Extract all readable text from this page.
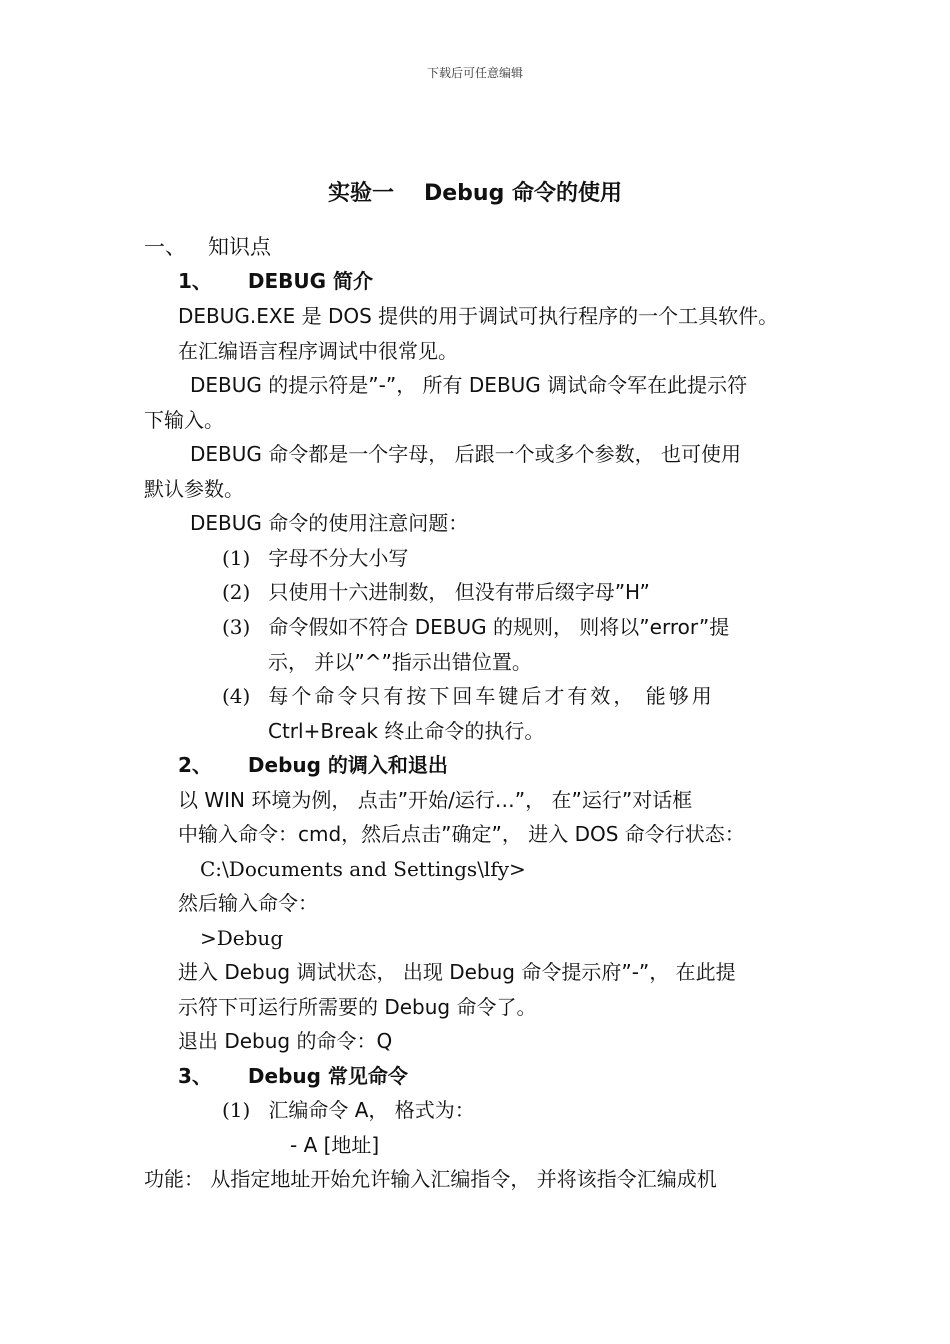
下载后可任意编辑
实验一 Debug 命令的使用
一、 知识点
1、 DEBUG 简介
DEBUG.EXE 是 DOS 提供的用于调试可执行程序的一个工具软件。
在汇编语言程序调试中很常见。
DEBUG 的提示符是”-”， 所有 DEBUG 调试命令军在此提示符
下输入。
DEBUG 命令都是一个字母， 后跟一个或多个参数， 也可使用
默认参数。
DEBUG 命令的使用注意问题：
(1) 字母不分大小写
(2) 只使用十六进制数， 但没有带后缀字母”H”
(3) 命令假如不符合 DEBUG 的规则， 则将以”error”提
示， 并以”^”指示出错位置。
(4) 每个命令只有按下回车键后才有效， 能够用
Ctrl+Break 终止命令的执行。
2、 Debug 的调入和退出
以 WIN 环境为例， 点击”开始/运行…”， 在”运行”对话框
中输入命令：cmd，然后点击”确定”， 进入 DOS 命令行状态：
C:\Documents and Settings\lfy>
然后输入命令：
>Debug
进入 Debug 调试状态， 出现 Debug 命令提示府”-”， 在此提
示符下可运行所需要的 Debug 命令了。
退出 Debug 的命令：Q
3、 Debug 常见命令
(1) 汇编命令 A， 格式为：
- A [地址]
功能： 从指定地址开始允许输入汇编指令， 并将该指令汇编成机
